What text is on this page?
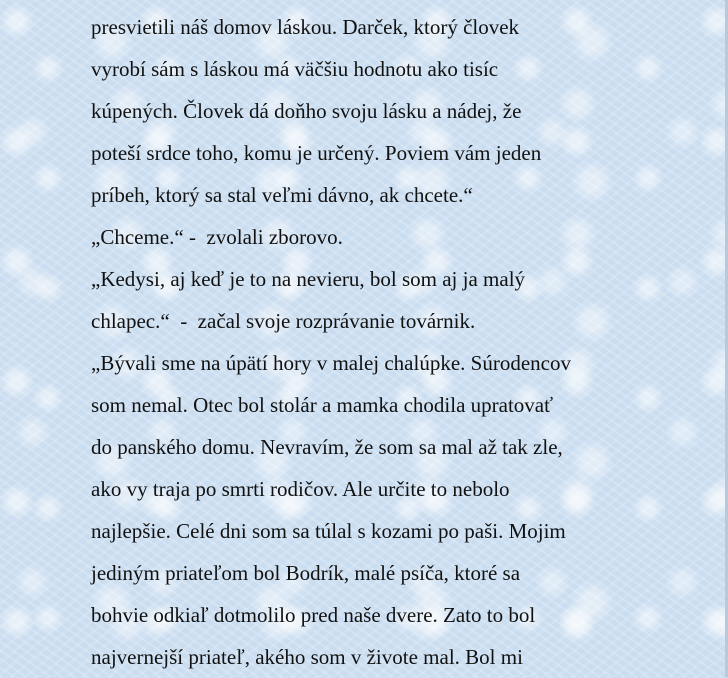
presvietili náš domov láskou. Darček, ktorý človek
vyrobí sám s láskou má väčšiu hodnotu ako tisíc
kúpených. Človek dá doňho svoju lásku a nádej, že
poteší srdce toho, komu je určený. Poviem vám jeden
príbeh, ktorý sa stal veľmi dávno, ak chcete.“
„Chceme.“ -  zvolali zborovo.
„Kedysi, aj keď je to na nevieru, bol som aj ja malý
chlapec.“  -  začal svoje rozprávanie továrnik.
„Bývali sme na úpätí hory v malej chalúpke. Súrodencov
som nemal. Otec bol stolár a mamka chodila upratovať
do panského domu. Nevravím, že som sa mal až tak zle,
ako vy traja po smrti rodičov. Ale určite to nebolo
najlepšie. Celé dni som sa túlal s kozami po paši. Mojim
jediným priateľom bol Bodrík, malé psíča, ktoré sa
bohvie odkiaľ dotmolilo pred naše dvere. Zato to bol
najvernejší priateľ, akého som v živote mal. Bol mi
